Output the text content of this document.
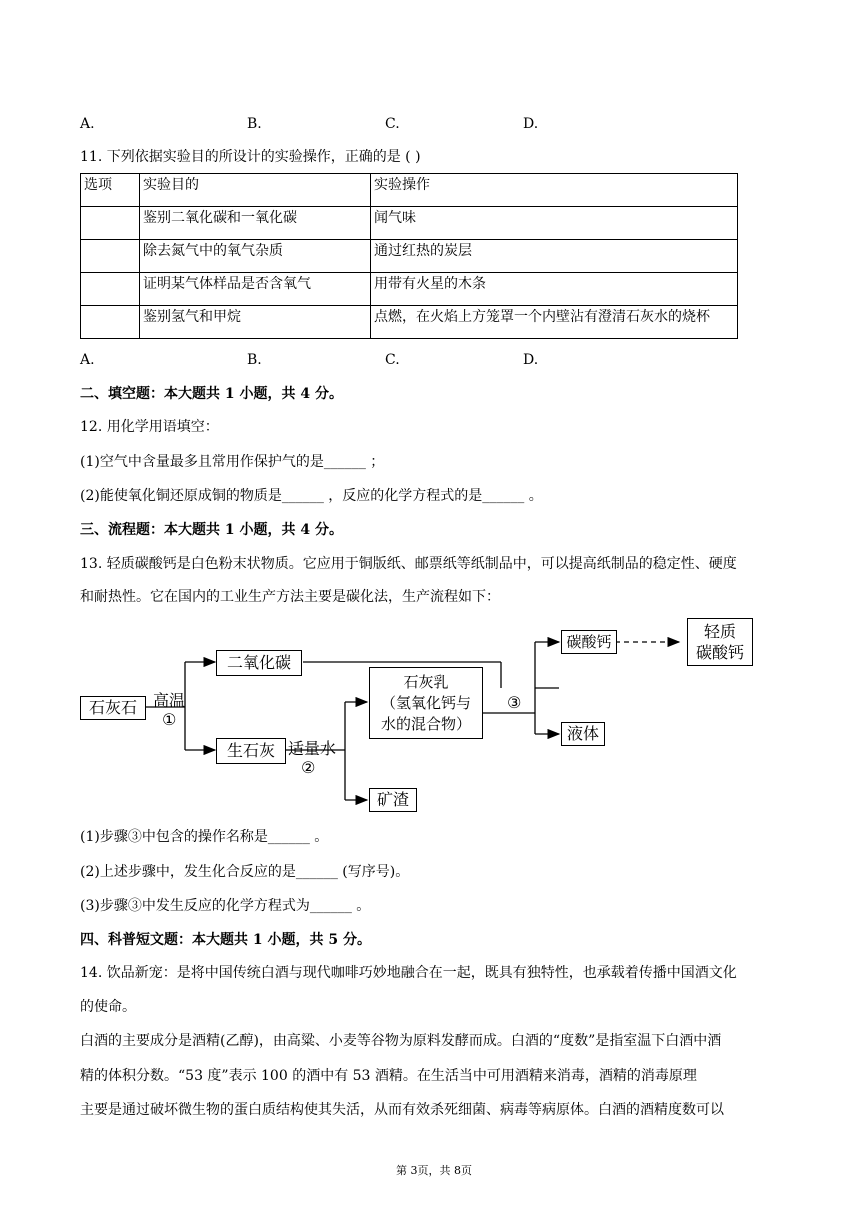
A.	B.	C.	D.
11. 下列依据实验目的所设计的实验操作，正确的是 ( )
选项	实验目的	实验操作
	鉴别二氧化碳和一氧化碳	闻气味
	除去氮气中的氧气杂质	通过红热的炭层
	证明某气体样品是否含氧气	用带有火星的木条
	鉴别氢气和甲烷	点燃，在火焰上方笼罩一个内壁沾有澄清石灰水的烧杯
A.	B.	C.	D.
二、填空题：本大题共 1 小题，共 4 分。
12. 用化学用语填空：
(1)空气中含量最多且常用作保护气的是______ ；
(2)能使氧化铜还原成铜的物质是______ ，反应的化学方程式的是______ 。
三、流程题：本大题共 1 小题，共 4 分。
13. 轻质碳酸钙是白色粉末状物质。它应用于铜版纸、邮票纸等纸制品中，可以提高纸制品的稳定性、硬度
和耐热性。它在国内的工业生产方法主要是碳化法，生产流程如下：
石灰石	高温
①
二氧化碳
生石灰 适量水
②
石灰乳
（氢氧化钙与
水的混合物）
③
碳酸钙
轻质
碳酸钙
液体
矿渣
(1)步骤③中包含的操作名称是______ 。
(2)上述步骤中，发生化合反应的是______ (写序号)。
(3)步骤③中发生反应的化学方程式为______ 。
四、科普短文题：本大题共 1 小题，共 5 分。
14. 饮品新宠：是将中国传统白酒与现代咖啡巧妙地融合在一起，既具有独特性，也承载着传播中国酒文化
的使命。
白酒的主要成分是酒精(乙醇)，由高粱、小麦等谷物为原料发酵而成。白酒的“度数”是指室温下白酒中酒
精的体积分数。“53 度”表示 100 的酒中有 53 酒精。在生活当中可用酒精来消毒，酒精的消毒原理
主要是通过破坏微生物的蛋白质结构使其失活，从而有效杀死细菌、病毒等病原体。白酒的酒精度数可以
第 3页，共 8页
